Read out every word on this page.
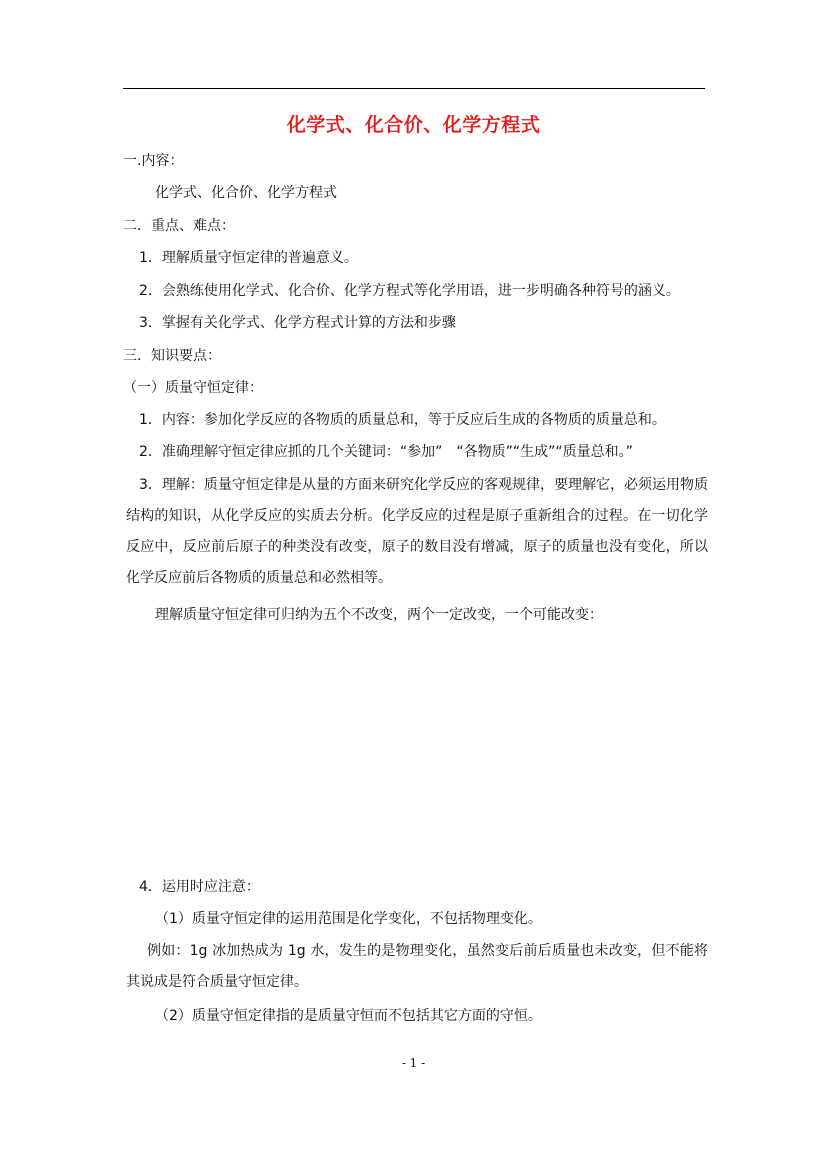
化学式、化合价、化学方程式
一.内容：
化学式、化合价、化学方程式
二．重点、难点：
1．理解质量守恒定律的普遍意义。
2．会熟练使用化学式、化合价、化学方程式等化学用语，进一步明确各种符号的涵义。
3．掌握有关化学式、化学方程式计算的方法和步骤
三．知识要点：
（一）质量守恒定律：
1．内容：参加化学反应的各物质的质量总和，等于反应后生成的各物质的质量总和。
2．准确理解守恒定律应抓的几个关键词：“参加”　“各物质”“生成”“质量总和。”
3．理解：质量守恒定律是从量的方面来研究化学反应的客观规律，要理解它，必须运用物质结构的知识，从化学反应的实质去分析。化学反应的过程是原子重新组合的过程。在一切化学反应中，反应前后原子的种类没有改变，原子的数目没有增减，原子的质量也没有变化，所以化学反应前后各物质的质量总和必然相等。
理解质量守恒定律可归纳为五个不改变，两个一定改变，一个可能改变：
4．运用时应注意：
（1）质量守恒定律的运用范围是化学变化，不包括物理变化。
例如：1g 冰加热成为 1g 水，发生的是物理变化，虽然变后前后质量也未改变，但不能将其说成是符合质量守恒定律。
（2）质量守恒定律指的是质量守恒而不包括其它方面的守恒。
- 1 -
